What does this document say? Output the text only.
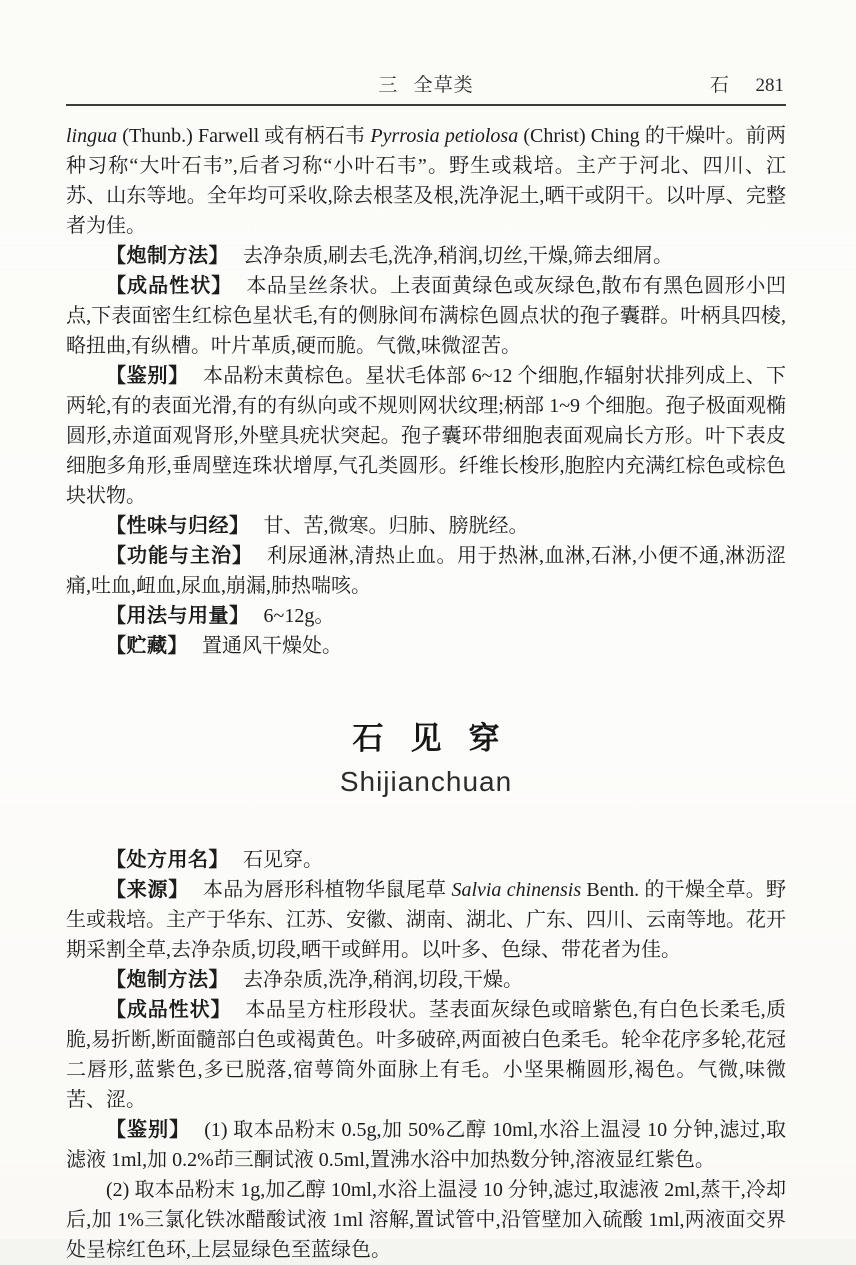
三 全草类	石 281

lingua (Thunb.) Farwell 或有柄石韦 Pyrrosia petiolosa (Christ) Ching 的干燥叶。前两种习称“大叶石韦”,后者习称“小叶石韦”。野生或栽培。主产于河北、四川、江苏、山东等地。全年均可采收,除去根茎及根,洗净泥土,晒干或阴干。以叶厚、完整者为佳。

【炮制方法】 去净杂质,刷去毛,洗净,稍润,切丝,干燥,筛去细屑。

【成品性状】 本品呈丝条状。上表面黄绿色或灰绿色,散布有黑色圆形小凹点,下表面密生红棕色星状毛,有的侧脉间布满棕色圆点状的孢子囊群。叶柄具四棱,略扭曲,有纵槽。叶片革质,硬而脆。气微,味微涩苦。

【鉴别】 本品粉末黄棕色。星状毛体部 6~12 个细胞,作辐射状排列成上、下两轮,有的表面光滑,有的有纵向或不规则网状纹理;柄部 1~9 个细胞。孢子极面观椭圆形,赤道面观肾形,外壁具疣状突起。孢子囊环带细胞表面观扁长方形。叶下表皮细胞多角形,垂周壁连珠状增厚,气孔类圆形。纤维长梭形,胞腔内充满红棕色或棕色块状物。

【性味与归经】 甘、苦,微寒。归肺、膀胱经。

【功能与主治】 利尿通淋,清热止血。用于热淋,血淋,石淋,小便不通,淋沥涩痛,吐血,衄血,尿血,崩漏,肺热喘咳。

【用法与用量】 6~12g。

【贮藏】 置通风干燥处。

石见穿
Shijianchuan

【处方用名】 石见穿。

【来源】 本品为唇形科植物华鼠尾草 Salvia chinensis Benth. 的干燥全草。野生或栽培。主产于华东、江苏、安徽、湖南、湖北、广东、四川、云南等地。花开期采割全草,去净杂质,切段,晒干或鲜用。以叶多、色绿、带花者为佳。

【炮制方法】 去净杂质,洗净,稍润,切段,干燥。

【成品性状】 本品呈方柱形段状。茎表面灰绿色或暗紫色,有白色长柔毛,质脆,易折断,断面髓部白色或褐黄色。叶多破碎,两面被白色柔毛。轮伞花序多轮,花冠二唇形,蓝紫色,多已脱落,宿萼筒外面脉上有毛。小坚果椭圆形,褐色。气微,味微苦、涩。

【鉴别】 (1) 取本品粉末 0.5g,加 50%乙醇 10ml,水浴上温浸 10 分钟,滤过,取滤液 1ml,加 0.2%茚三酮试液 0.5ml,置沸水浴中加热数分钟,溶液显红紫色。

(2) 取本品粉末 1g,加乙醇 10ml,水浴上温浸 10 分钟,滤过,取滤液 2ml,蒸干,冷却后,加 1%三氯化铁冰醋酸试液 1ml 溶解,置试管中,沿管壁加入硫酸 1ml,两液面交界处呈棕红色环,上层显绿色至蓝绿色。
